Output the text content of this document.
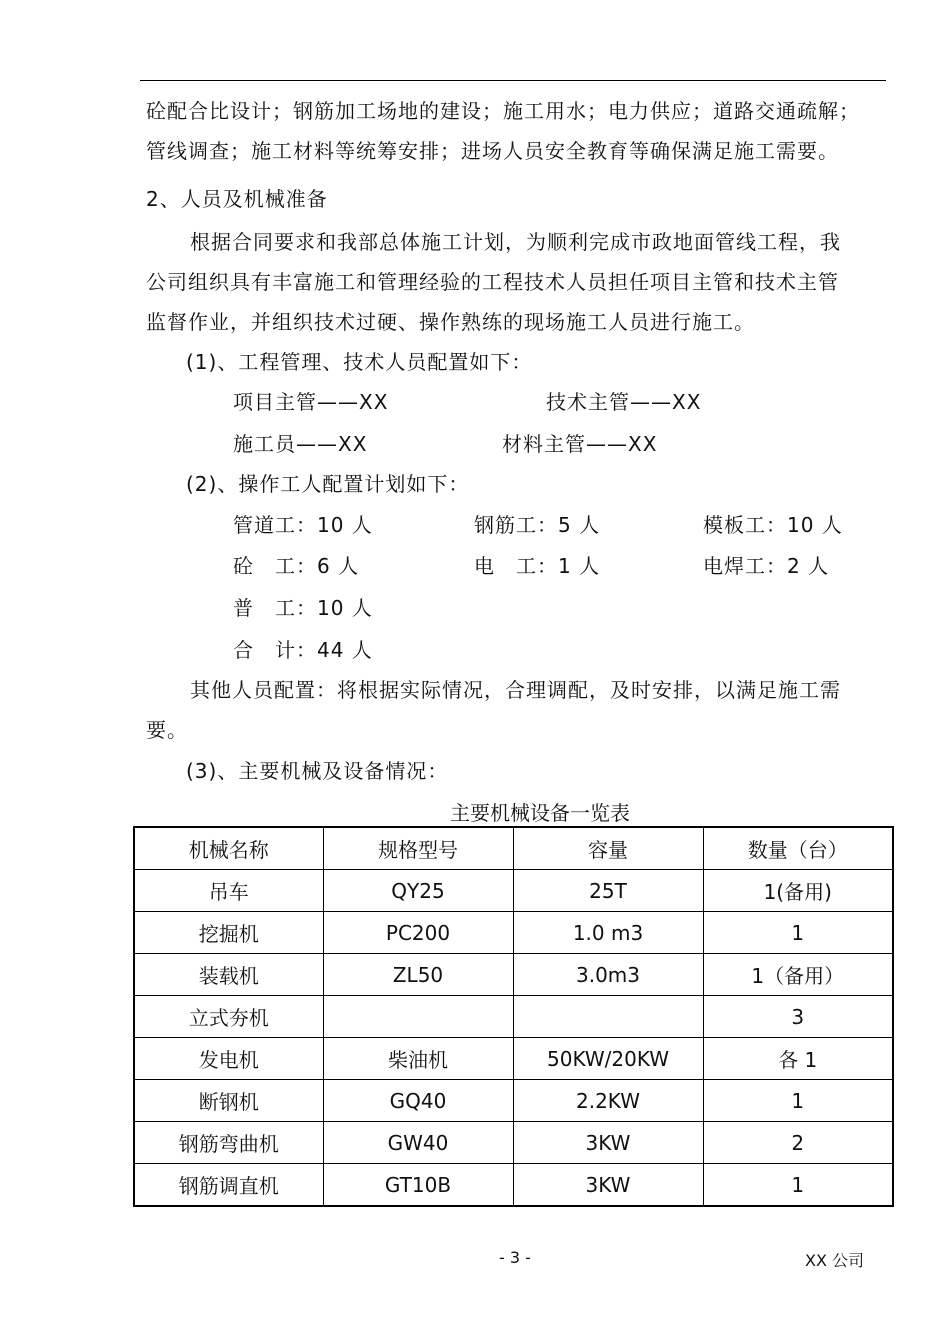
砼配合比设计；钢筋加工场地的建设；施工用水；电力供应；道路交通疏解；
管线调查；施工材料等统筹安排；进场人员安全教育等确保满足施工需要。
2、人员及机械准备
根据合同要求和我部总体施工计划，为顺利完成市政地面管线工程，我
公司组织具有丰富施工和管理经验的工程技术人员担任项目主管和技术主管
监督作业，并组织技术过硬、操作熟练的现场施工人员进行施工。
(1)、工程管理、技术人员配置如下：
项目主管——XX	技术主管——XX
施工员——XX	材料主管——XX
(2)、操作工人配置计划如下：
管道工：10 人	钢筋工：5 人	模板工：10 人
砼　工：6 人	电　工：1 人	电焊工：2 人
普　工：10 人
合　计：44 人
其他人员配置：将根据实际情况，合理调配，及时安排，以满足施工需
要。
(3)、主要机械及设备情况：
主要机械设备一览表
机械名称	规格型号	容量	数量（台）
吊车	QY25	25T	1(备用)
挖掘机	PC200	1.0 m3	1
装载机	ZL50	3.0m3	1（备用）
立式夯机			3
发电机	柴油机	50KW/20KW	各 1
断钢机	GQ40	2.2KW	1
钢筋弯曲机	GW40	3KW	2
钢筋调直机	GT10B	3KW	1
- 3 -	XX 公司
